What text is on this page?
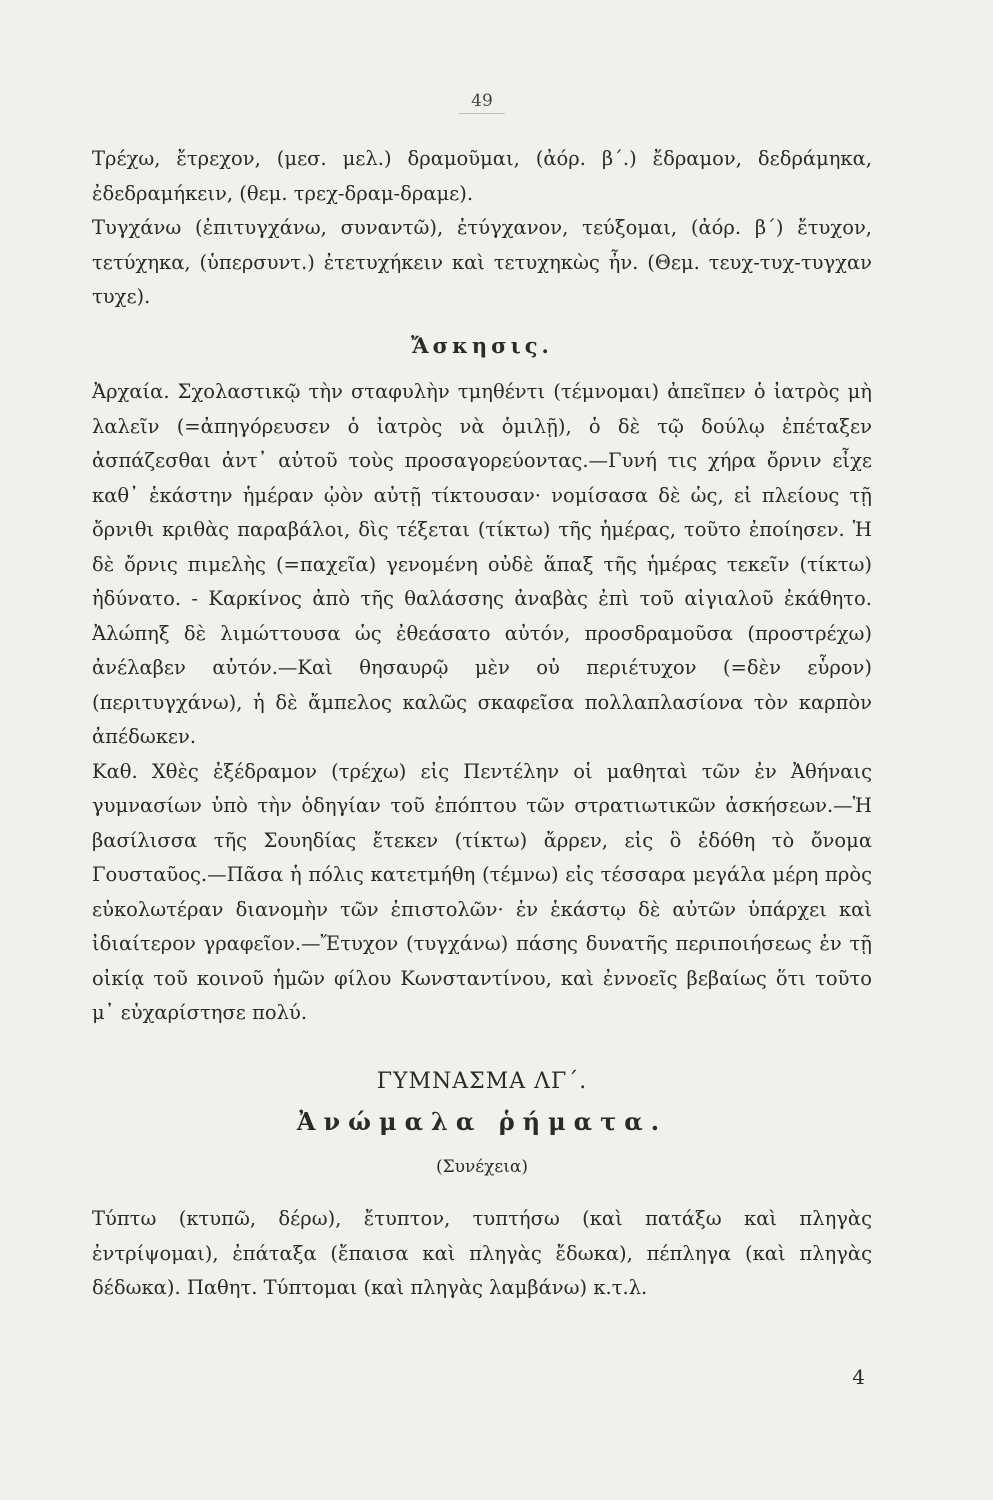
49

Τρέχω, ἔτρεχον, (μεσ. μελ.) δραμοῦμαι, (ἀόρ. β΄.) ἔδραμον, δεδράμηκα, ἐδεδραμήκειν, (θεμ. τρεχ-δραμ-δραμε).

Τυγχάνω (ἐπιτυγχάνω, συναντῶ), ἐτύγχανον, τεύξομαι, (ἀόρ. β΄) ἔτυχον, τετύχηκα, (ὑπερσυντ.) ἐτετυχήκειν καὶ τετυχηκὼς ἦν. (Θεμ. τευχ-τυχ-τυγχαν τυχε).

Ἄσκησις.

Ἀρχαία. Σχολαστικῷ τὴν σταφυλὴν τμηθέντι (τέμνομαι) ἀπεῖπεν ὁ ἰατρὸς μὴ λαλεῖν (=ἀπηγόρευσεν ὁ ἰατρὸς νὰ ὁμιλῇ), ὁ δὲ τῷ δούλῳ ἐπέταξεν ἀσπάζεσθαι ἀντ᾽ αὐτοῦ τοὺς προσαγορεύοντας.—Γυνή τις χήρα ὄρνιν εἶχε καθ᾽ ἑκάστην ἡμέραν ᾠὸν αὐτῇ τίκτουσαν· νομίσασα δὲ ὡς, εἰ πλείους τῇ ὄρνιθι κριθὰς παραβάλοι, δὶς τέξεται (τίκτω) τῆς ἡμέρας, τοῦτο ἐποίησεν. Ἡ δὲ ὄρνις πιμελὴς (=παχεῖα) γενομένη οὐδὲ ἅπαξ τῆς ἡμέρας τεκεῖν (τίκτω) ἠδύνατο. - Καρκίνος ἀπὸ τῆς θαλάσσης ἀναβὰς ἐπὶ τοῦ αἰγιαλοῦ ἐκάθητο. Ἀλώπηξ δὲ λιμώττουσα ὡς ἐθεάσατο αὐτόν, προσδραμοῦσα (προστρέχω) ἀνέλαβεν αὐτόν.—Καὶ θησαυρῷ μὲν οὐ περιέτυχον (=δὲν εὗρον) (περιτυγχάνω), ἡ δὲ ἄμπελος καλῶς σκαφεῖσα πολλαπλασίονα τὸν καρπὸν ἀπέδωκεν.

Καθ. Χθὲς ἐξέδραμον (τρέχω) εἰς Πεντέλην οἱ μαθηταὶ τῶν ἐν Ἀθήναις γυμνασίων ὑπὸ τὴν ὁδηγίαν τοῦ ἐπόπτου τῶν στρατιωτικῶν ἀσκήσεων.—Ἡ βασίλισσα τῆς Σουηδίας ἔτεκεν (τίκτω) ἄρρεν, εἰς ὃ ἐδόθη τὸ ὄνομα Γουσταῦος.—Πᾶσα ἡ πόλις κατετμήθη (τέμνω) εἰς τέσσαρα μεγάλα μέρη πρὸς εὐκολωτέραν διανομὴν τῶν ἐπιστολῶν· ἐν ἑκάστῳ δὲ αὐτῶν ὑπάρχει καὶ ἰδιαίτερον γραφεῖον.—Ἔτυχον (τυγχάνω) πάσης δυνατῆς περιποιήσεως ἐν τῇ οἰκίᾳ τοῦ κοινοῦ ἡμῶν φίλου Κωνσταντίνου, καὶ ἐννοεῖς βεβαίως ὅτι τοῦτο μ᾽ εὐχαρίστησε πολύ.

ΓΥΜΝΑΣΜΑ ΛΓ΄.
Ἀνώμαλα ῥήματα.
(Συνέχεια)

Τύπτω (κτυπῶ, δέρω), ἔτυπτον, τυπτήσω (καὶ πατάξω καὶ πληγὰς ἐντρίψομαι), ἐπάταξα (ἔπαισα καὶ πληγὰς ἔδωκα), πέπληγα (καὶ πληγὰς δέδωκα). Παθητ. Τύπτομαι (καὶ πληγὰς λαμβάνω) κ.τ.λ.

4
